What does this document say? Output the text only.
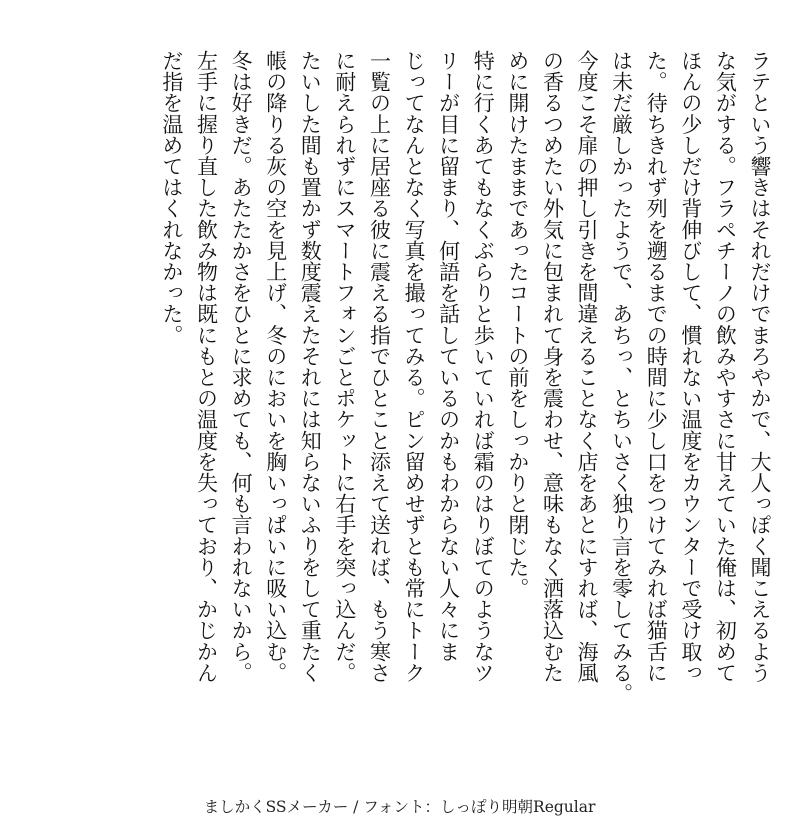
ラテという響きはそれだけでまろやかで、大人っぽく聞こえるよう
な気がする。フラペチーノの飲みやすさに甘えていた俺は、初めて
ほんの少しだけ背伸びして、慣れない温度をカウンターで受け取っ
た。待ちきれず列を遡るまでの時間に少し口をつけてみれば猫舌に
は未だ厳しかったようで、あちっ、とちいさく独り言を零してみる。
今度こそ扉の押し引きを間違えることなく店をあとにすれば、海風
の香るつめたい外気に包まれて身を震わせ、意味もなく洒落込むた
めに開けたままであったコートの前をしっかりと閉じた。
特に行くあてもなくぶらりと歩いていれば霜のはりぼてのようなツ
リーが目に留まり、何語を話しているのかもわからない人々にま
じってなんとなく写真を撮ってみる。ピン留めせずとも常にトーク
一覧の上に居座る彼に震える指でひとこと添えて送れば、もう寒さ
に耐えられずにスマートフォンごとポケットに右手を突っ込んだ。
たいした間も置かず数度震えたそれには知らないふりをして重たく
帳の降りる灰の空を見上げ、冬のにおいを胸いっぱいに吸い込む。
冬は好きだ。あたたかさをひとに求めても、何も言われないから。
左手に握り直した飲み物は既にもとの温度を失っており、かじかん
だ指を温めてはくれなかった。
ましかくSSメーカー / フォント：しっぽり明朝Regular
